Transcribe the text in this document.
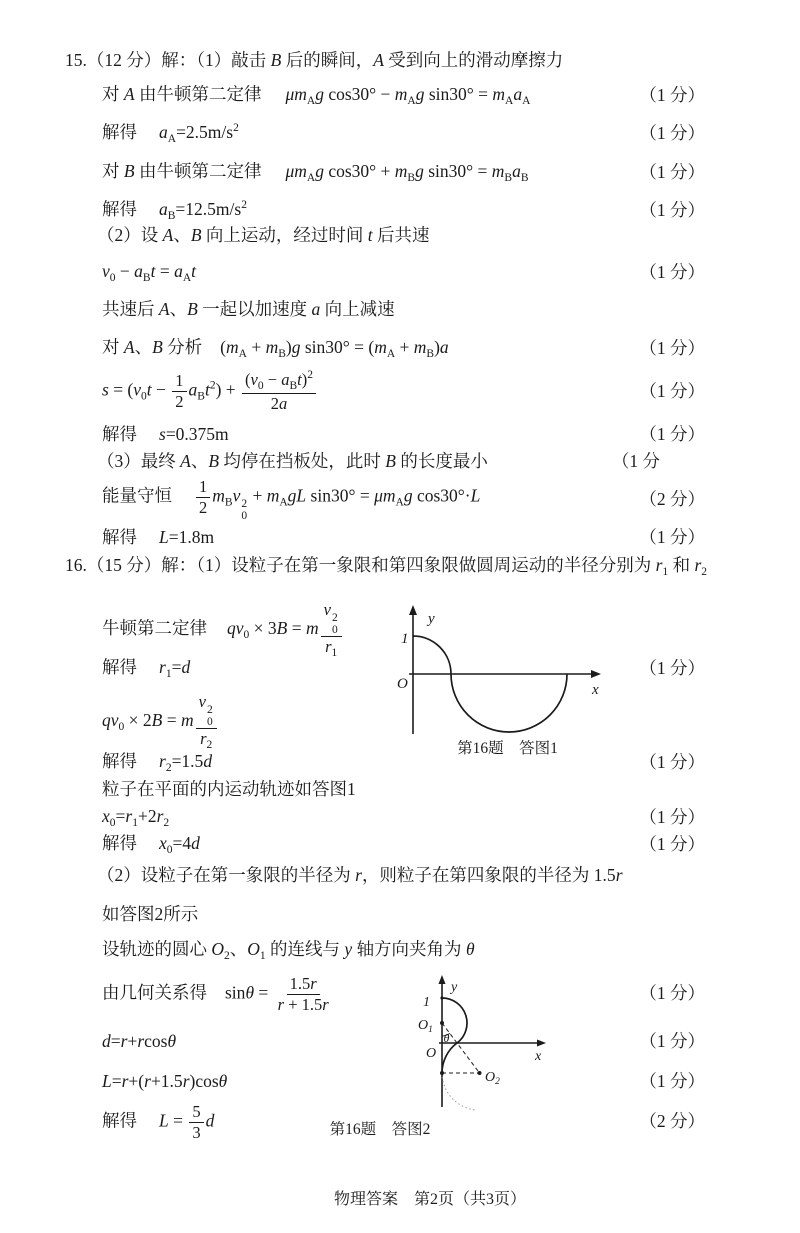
15.（12 分）解：（1）敲击 B 后的瞬间，A 受到向上的滑动摩擦力
对 A 由牛顿第二定律 $\mu m_Ag$ $\cos 30^\circ - m_Ag$ $\sin 30^\circ = m_Aa_A$	（1 分）
解得 $a_A=2.5m/s^2$	（1 分）
对 B 由牛顿第二定律 $\mu m_Ag$ $\cos 30^\circ + m_Bg$ $\sin 30^\circ = m_Ba_B$	（1 分）
解得 $a_B=12.5m/s^2$	（1 分）
（2）设 A、B 向上运动，经过时间 t 后共速
$v_0 - a_Bt = a_At$	（1 分）
共速后 A、B 一起以加速度 a 向上减速
对 A、B 分析 $(m_A + m_B)g$ $\sin 30^\circ = (m_A + m_B)a$	（1 分）
$s = (v_0t - \frac{1}{2} a_Bt^2) + \frac{(v_0 - a_Bt)^2}{2a}$	（1 分）
解得 s=0.375m	（1 分）
（3）最终 A、B 均停在挡板处，此时 B 的长度最小	（1 分
能量守恒 $\frac{1}{2} m_Bv$ 2
0
+ $m_AgL$ $\sin 30^\circ = \mu m_Ag$ cos30°·L	（2 分）
解得 L=1.8m	（1 分）
16.（15 分）解：（1）设粒子在第一象限和第四象限做圆周运动的半径分别为 $r_1$ 和 $r_2$
牛顿第二定律 $qv_0 \times 3B = m$ v 2
0
$r_1$
解得 $r_1=d$	（1 分）
$qv_0 \times 2B = m$ v 2
0
$r_2$
解得 $r_2=1.5d$	（1 分）
粒子在平面的内运动轨迹如答图1
$x_0=r_1+2r_2$	（1 分）
解得 $x_0=4d$	（1 分）
（2）设粒子在第一象限的半径为 r，则粒子在第四象限的半径为 1.5r
如答图2所示
设轨迹的圆心 $O_2$、$O_1$ 的连线与 y 轴方向夹角为 θ
由几何关系得 $\sin\theta = \frac{1.5r}{r + 1.5r}$	（1 分）
d=r+rcosθ	（1 分）
L=r+(r+1.5r)cosθ	（1 分）
解得 $L = \frac{5}{3}$ d	（2 分）
y
1
O	x
第16题　答图1
y
1
$O_1$
θ
O	x
$O_2$
第16题　答图2
物理答案　第2页（共3页）
